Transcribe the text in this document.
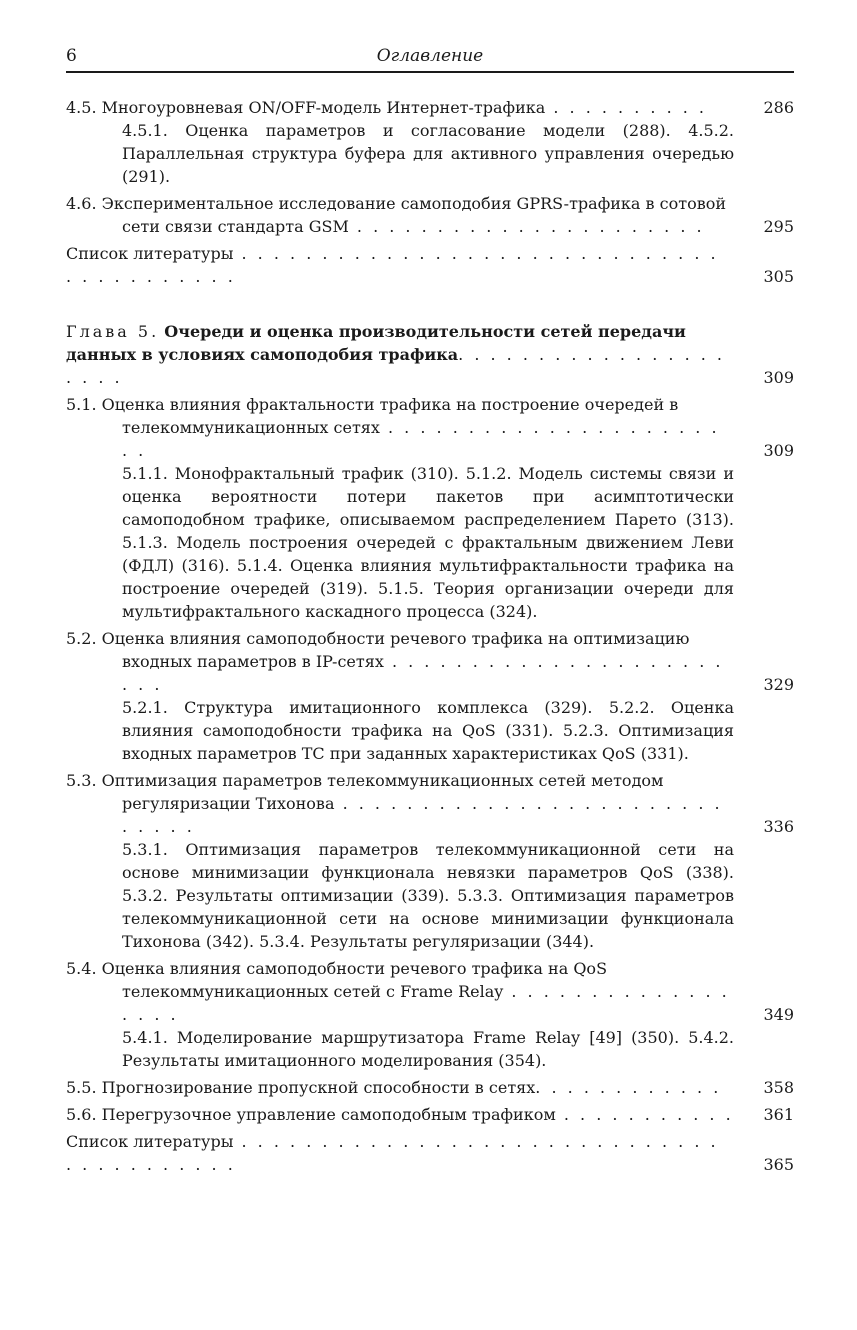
6	Оглавление
4.5. Многоуровневая ON/OFF-модель Интернет-трафика . . . . . . . . . .	286
4.5.1. Оценка параметров и согласование модели (288). 4.5.2. Параллельная структура буфера для активного управления очередью (291).
4.6. Экспериментальное исследование самоподобия GPRS-трафика в сотовой сети связи стандарта GSM . . . . . . . . . . . . . . . . . . . . . .	295
Список литературы . . . . . . . . . . . . . . . . . . . . . . . . . . . . . . . . . . . . . . . . .	305
Глава 5. Очереди и оценка производительности сетей передачи данных в условиях самоподобия трафика. . . . . . . . . . . . . . . . . . . . .	309
5.1. Оценка влияния фрактальности трафика на построение очередей в телекоммуникационных сетях . . . . . . . . . . . . . . . . . . . . . . .	309
5.1.1. Монофрактальный трафик (310). 5.1.2. Модель системы связи и оценка вероятности потери пакетов при асимптотически самоподобном трафике, описываемом распределением Парето (313). 5.1.3. Модель построения очередей с фрактальным движением Леви (ФДЛ) (316). 5.1.4. Оценка влияния мультифрактальности трафика на построение очередей (319). 5.1.5. Теория организации очереди для мультифрактального каскадного процесса (324).
5.2. Оценка влияния самоподобности речевого трафика на оптимизацию входных параметров в IP-сетях . . . . . . . . . . . . . . . . . . . . . . . .	329
5.2.1. Структура имитационного комплекса (329). 5.2.2. Оценка влияния самоподобности трафика на QoS (331). 5.2.3. Оптимизация входных параметров ТС при заданных характеристиках QoS (331).
5.3. Оптимизация параметров телекоммуникационных сетей методом регуляризации Тихонова . . . . . . . . . . . . . . . . . . . . . . . . . . . . .	336
5.3.1. Оптимизация параметров телекоммуникационной сети на основе минимизации функционала невязки параметров QoS (338). 5.3.2. Результаты оптимизации (339). 5.3.3. Оптимизация параметров телекоммуникационной сети на основе минимизации функционала Тихонова (342). 5.3.4. Результаты регуляризации (344).
5.4. Оценка влияния самоподобности речевого трафика на QoS телекоммуникационных сетей с Frame Relay . . . . . . . . . . . . . . . . . .	349
5.4.1. Моделирование маршрутизатора Frame Relay [49] (350). 5.4.2. Результаты имитационного моделирования (354).
5.5. Прогнозирование пропускной способности в сетях. . . . . . . . . . . .	358
5.6. Перегрузочное управление самоподобным трафиком . . . . . . . . . . .	361
Список литературы . . . . . . . . . . . . . . . . . . . . . . . . . . . . . . . . . . . . . . . . .	365
